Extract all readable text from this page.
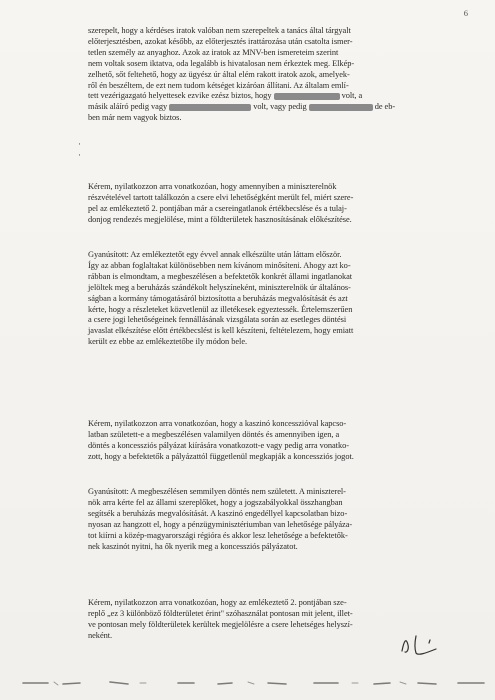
6
szerepelt, hogy a kérdéses iratok valóban nem szerepeltek a tanács által tárgyalt
előterjesztésben, azokat később, az előterjesztés irattározása után csatolta ismer-
tetlen személy az anyaghoz. Azok az iratok az MNV-ben ismereteim szerint
nem voltak sosem iktatva, oda legalább is hivatalosan nem érkeztek meg. Elkép-
zelhető, sőt feltehető, hogy az ügyész úr által elém rakott iratok azok, amelyek-
ről én beszéltem, de ezt nem tudom kétséget kizáróan állítani. Az általam emlí-
tett vezérigazgató helyettesek ezvike ezész biztos, hogy	volt, a
másik aláíró pedig vagy	volt, vagy pedig	de eb-
ben már nem vagyok biztos.
·
·
Kérem, nyilatkozzon arra vonatkozóan, hogy amennyiben a miniszterelnök
részvételével tartott találkozón a csere elvi lehetőségként merült fel, miért szere-
pel az emlékeztető 2. pontjában már a csereingatlanok értékbecslése és a tulaj-
donjog rendezés megjelölése, mint a földterületek hasznosításának előkészítése.
Gyanúsított: Az emlékeztetőt egy évvel annak elkészülte után láttam először.
Így az abban foglaltakat különösebben nem kívánom minősíteni. Ahogy azt ko-
rábban is elmondtam, a megbeszélésen a befektetők konkrét állami ingatlanokat
jelöltek meg a beruházás szándékolt helyszíneként, miniszterelnök úr általános-
ságban a kormány támogatásáról biztosította a beruházás megvalósítását és azt
kérte, hogy a részleteket közvetlenül az illetékesek egyeztessék. Értelemszerűen
a csere jogi lehetőségeinek fennállásának vizsgálata során az esetleges döntési
javaslat elkészítése előtt értékbecslést is kell készíteni, feltételezem, hogy emiatt
került ez ebbe az emlékeztetőbe ily módon bele.
Kérem, nyilatkozzon arra vonatkozóan, hogy a kaszinó koncesszióval kapcso-
latban született-e a megbeszélésen valamilyen döntés és amennyiben igen, a
döntés a koncessziós pályázat kiírására vonatkozott-e vagy pedig arra vonatko-
zott, hogy a befektetők a pályázattól függetlenül megkapják a koncessziós jogot.
Gyanúsított: A megbeszélésen semmilyen döntés nem született. A miniszterel-
nök arra kérte fel az állami szereplőket, hogy a jogszabályokkal összhangban
segítsék a beruházás megvalósítását. A kaszinó engedéllyel kapcsolatban bizo-
nyosan az hangzott el, hogy a pénzügyminisztériumban van lehetősége pályáza-
tot kiírni a közép-magyarországi régióra és akkor lesz lehetősége a befektetők-
nek kaszinót nyitni, ha ők nyerik meg a koncessziós pályázatot.
Kérem, nyilatkozzon arra vonatkozóan, hogy az emlékeztető 2. pontjában sze-
replő „ez 3 különböző földterületet érint" szóhasználat pontosan mit jelent, illet-
ve pontosan mely földterületek kerültek megjelölésre a csere lehetséges helyszí-
neként.
